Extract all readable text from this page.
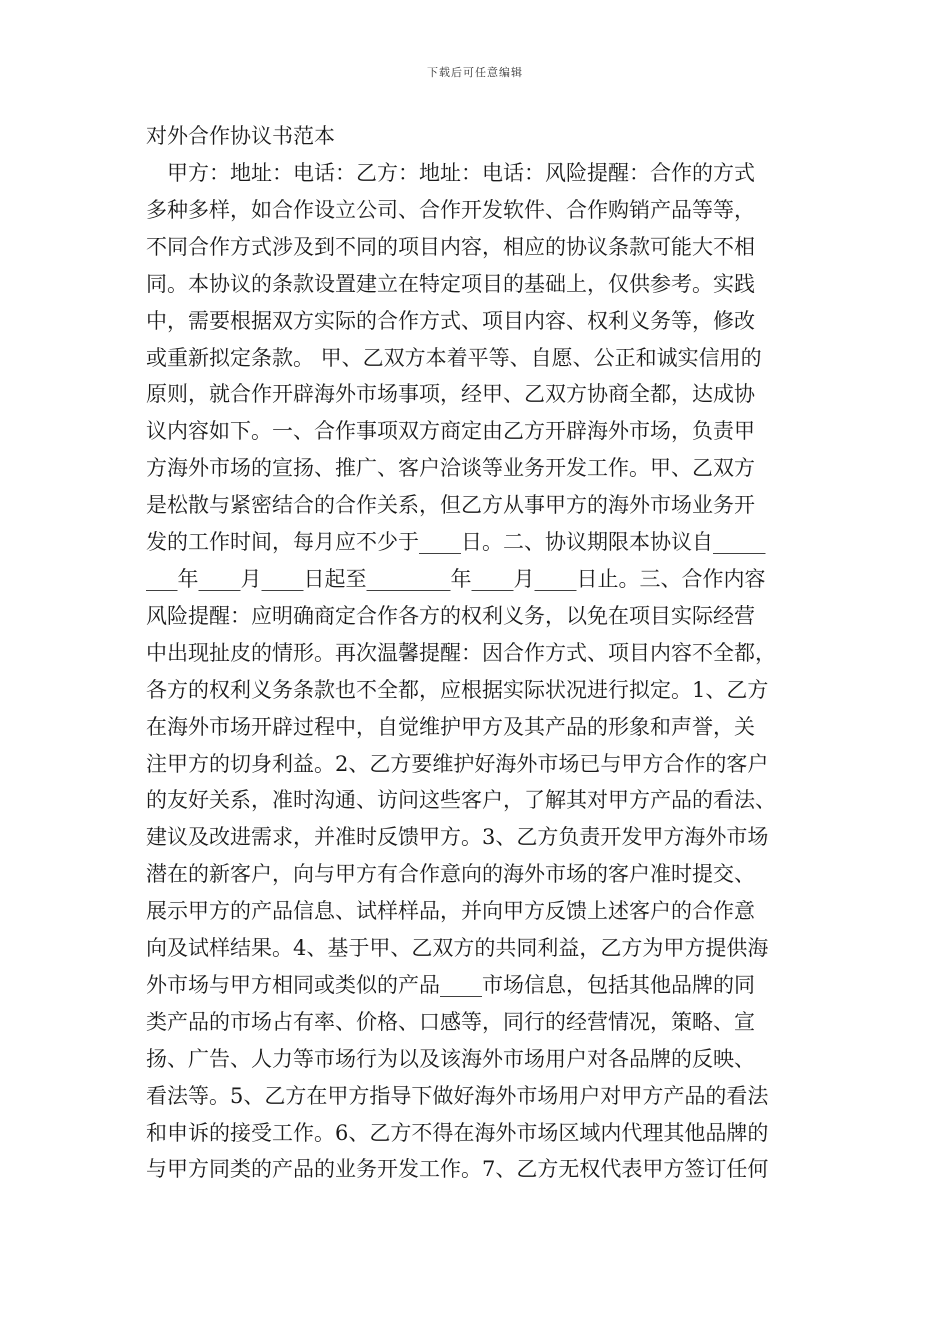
下载后可任意编辑
对外合作协议书范本
　甲方：地址：电话：乙方：地址：电话：风险提醒：合作的方式
多种多样，如合作设立公司、合作开发软件、合作购销产品等等，
不同合作方式涉及到不同的项目内容，相应的协议条款可能大不相
同。本协议的条款设置建立在特定项目的基础上，仅供参考。实践
中，需要根据双方实际的合作方式、项目内容、权利义务等，修改
或重新拟定条款。 甲、乙双方本着平等、自愿、公正和诚实信用的
原则，就合作开辟海外市场事项，经甲、乙双方协商全都，达成协
议内容如下。一、合作事项双方商定由乙方开辟海外市场，负责甲
方海外市场的宣扬、推广、客户洽谈等业务开发工作。甲、乙双方
是松散与紧密结合的合作关系，但乙方从事甲方的海外市场业务开
发的工作时间，每月应不少于____日。二、协议期限本协议自_____
___年____月____日起至________年____月____日止。三、合作内容
风险提醒：应明确商定合作各方的权利义务，以免在项目实际经营
中出现扯皮的情形。再次温馨提醒：因合作方式、项目内容不全都，
各方的权利义务条款也不全都，应根据实际状况进行拟定。1、乙方
在海外市场开辟过程中，自觉维护甲方及其产品的形象和声誉，关
注甲方的切身利益。2、乙方要维护好海外市场已与甲方合作的客户
的友好关系，准时沟通、访问这些客户，了解其对甲方产品的看法、
建议及改进需求，并准时反馈甲方。3、乙方负责开发甲方海外市场
潜在的新客户，向与甲方有合作意向的海外市场的客户准时提交、
展示甲方的产品信息、试样样品，并向甲方反馈上述客户的合作意
向及试样结果。4、基于甲、乙双方的共同利益，乙方为甲方提供海
外市场与甲方相同或类似的产品____市场信息，包括其他品牌的同
类产品的市场占有率、价格、口感等，同行的经营情况，策略、宣
扬、广告、人力等市场行为以及该海外市场用户对各品牌的反映、
看法等。5、乙方在甲方指导下做好海外市场用户对甲方产品的看法
和申诉的接受工作。6、乙方不得在海外市场区域内代理其他品牌的
与甲方同类的产品的业务开发工作。7、乙方无权代表甲方签订任何
